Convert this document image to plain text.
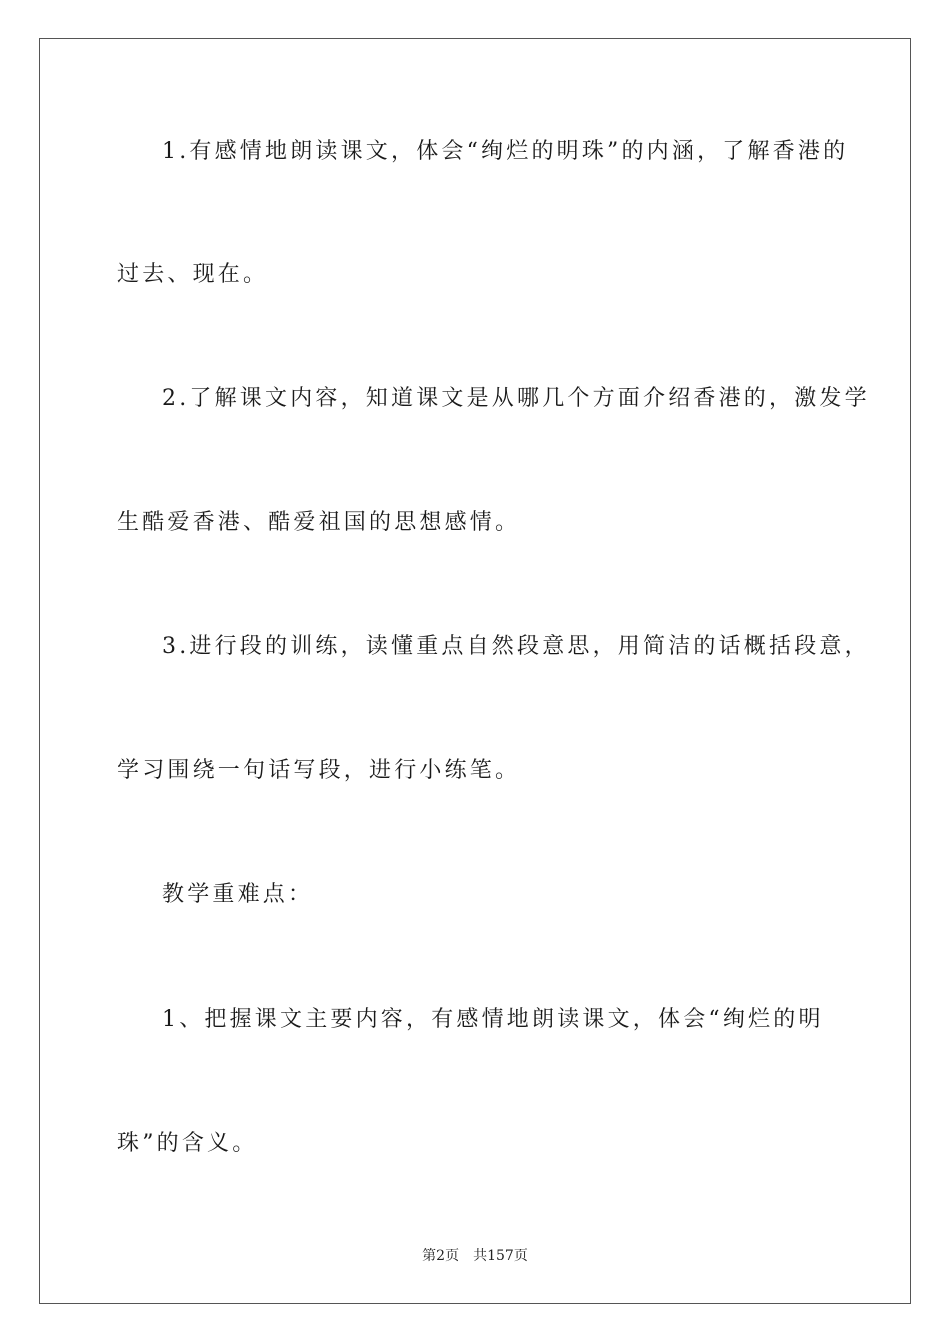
1.有感情地朗读课文，体会“绚烂的明珠”的内涵，了解香港的
过去、现在。
2.了解课文内容，知道课文是从哪几个方面介绍香港的，激发学
生酷爱香港、酷爱祖国的思想感情。
3.进行段的训练，读懂重点自然段意思，用简洁的话概括段意，
学习围绕一句话写段，进行小练笔。
教学重难点：
1、把握课文主要内容，有感情地朗读课文，体会“绚烂的明
珠”的含义。
第2页 共157页
